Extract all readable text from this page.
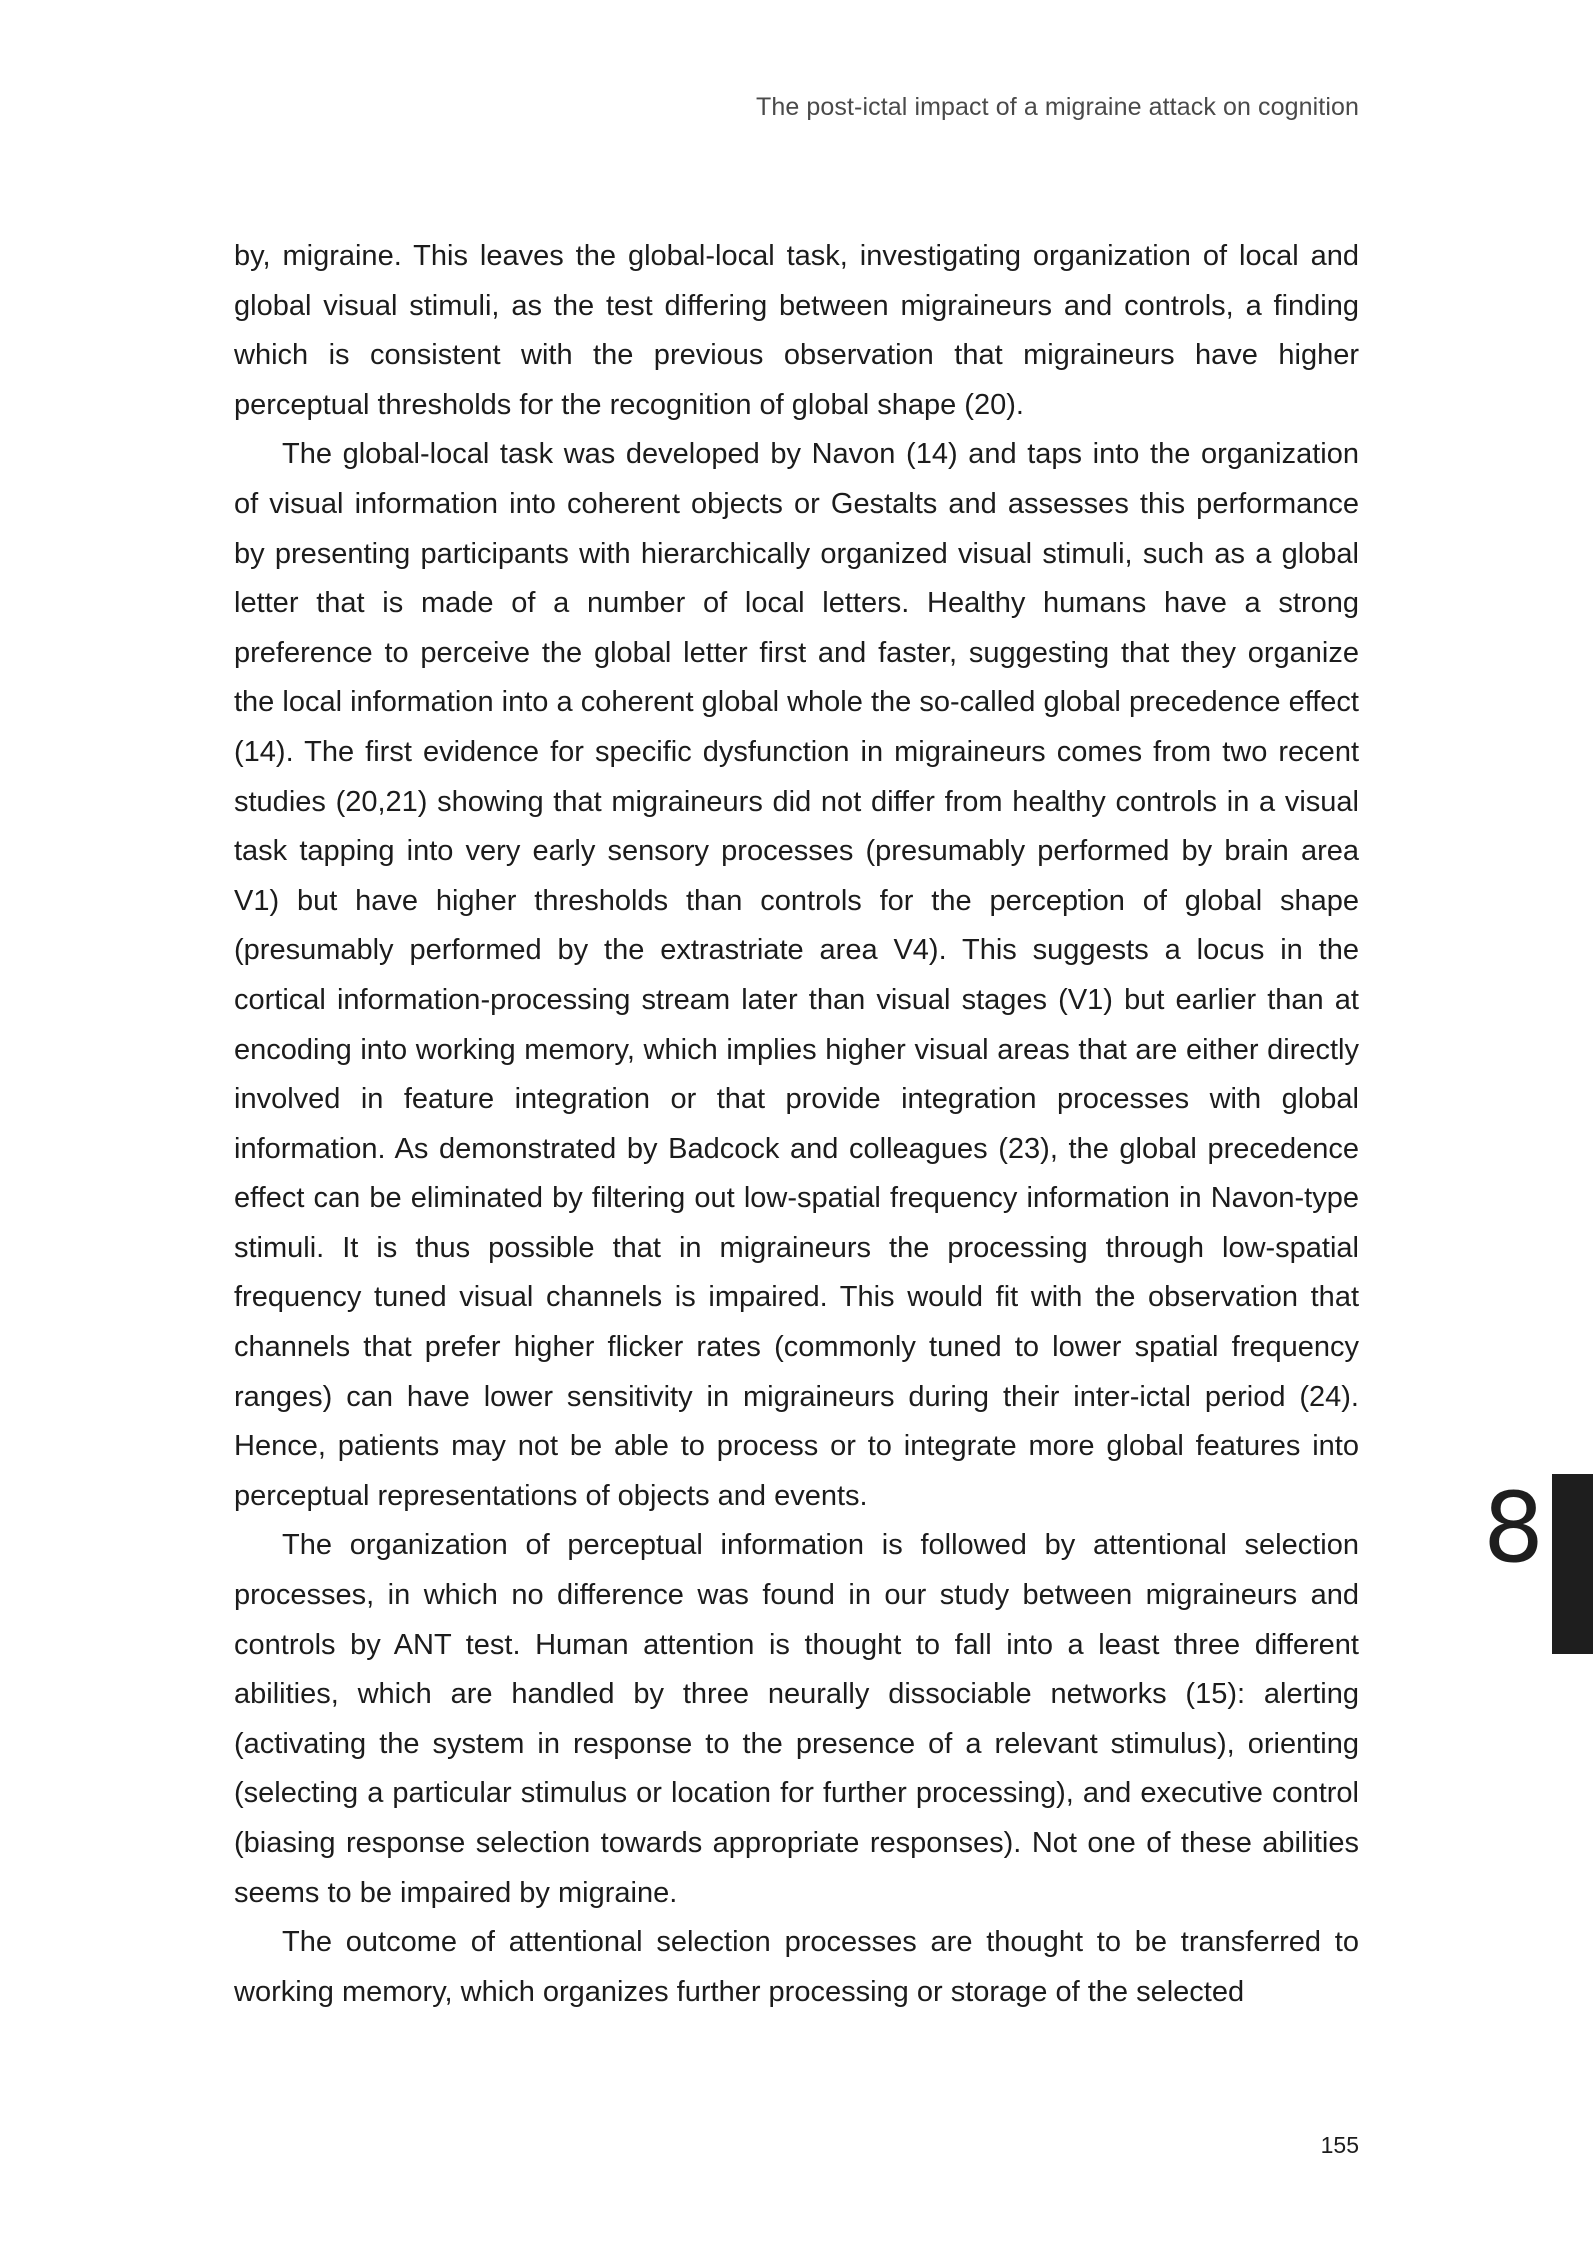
The post-ictal impact of a migraine attack on cognition

by, migraine. This leaves the global-local task, investigating organization of local and global visual stimuli, as the test differing between migraineurs and controls, a finding which is consistent with the previous observation that migraineurs have higher perceptual thresholds for the recognition of global shape (20).

The global-local task was developed by Navon (14) and taps into the organization of visual information into coherent objects or Gestalts and assesses this performance by presenting participants with hierarchically organized visual stimuli, such as a global letter that is made of a number of local letters. Healthy humans have a strong preference to perceive the global letter first and faster, suggesting that they organize the local information into a coherent global whole the so-called global precedence effect (14). The first evidence for specific dysfunction in migraineurs comes from two recent studies (20,21) showing that migraineurs did not differ from healthy controls in a visual task tapping into very early sensory processes (presumably performed by brain area V1) but have higher thresholds than controls for the perception of global shape (presumably performed by the extrastriate area V4). This suggests a locus in the cortical information-processing stream later than visual stages (V1) but earlier than at encoding into working memory, which implies higher visual areas that are either directly involved in feature integration or that provide integration processes with global information. As demonstrated by Badcock and colleagues (23), the global precedence effect can be eliminated by filtering out low-spatial frequency information in Navon-type stimuli. It is thus possible that in migraineurs the processing through low-spatial frequency tuned visual channels is impaired. This would fit with the observation that channels that prefer higher flicker rates (commonly tuned to lower spatial frequency ranges) can have lower sensitivity in migraineurs during their inter-ictal period (24). Hence, patients may not be able to process or to integrate more global features into perceptual representations of objects and events.

The organization of perceptual information is followed by attentional selection processes, in which no difference was found in our study between migraineurs and controls by ANT test. Human attention is thought to fall into a least three different abilities, which are handled by three neurally dissociable networks (15): alerting (activating the system in response to the presence of a relevant stimulus), orienting (selecting a particular stimulus or location for further processing), and executive control (biasing response selection towards appropriate responses). Not one of these abilities seems to be impaired by migraine.

The outcome of attentional selection processes are thought to be transferred to working memory, which organizes further processing or storage of the selected

8
155
